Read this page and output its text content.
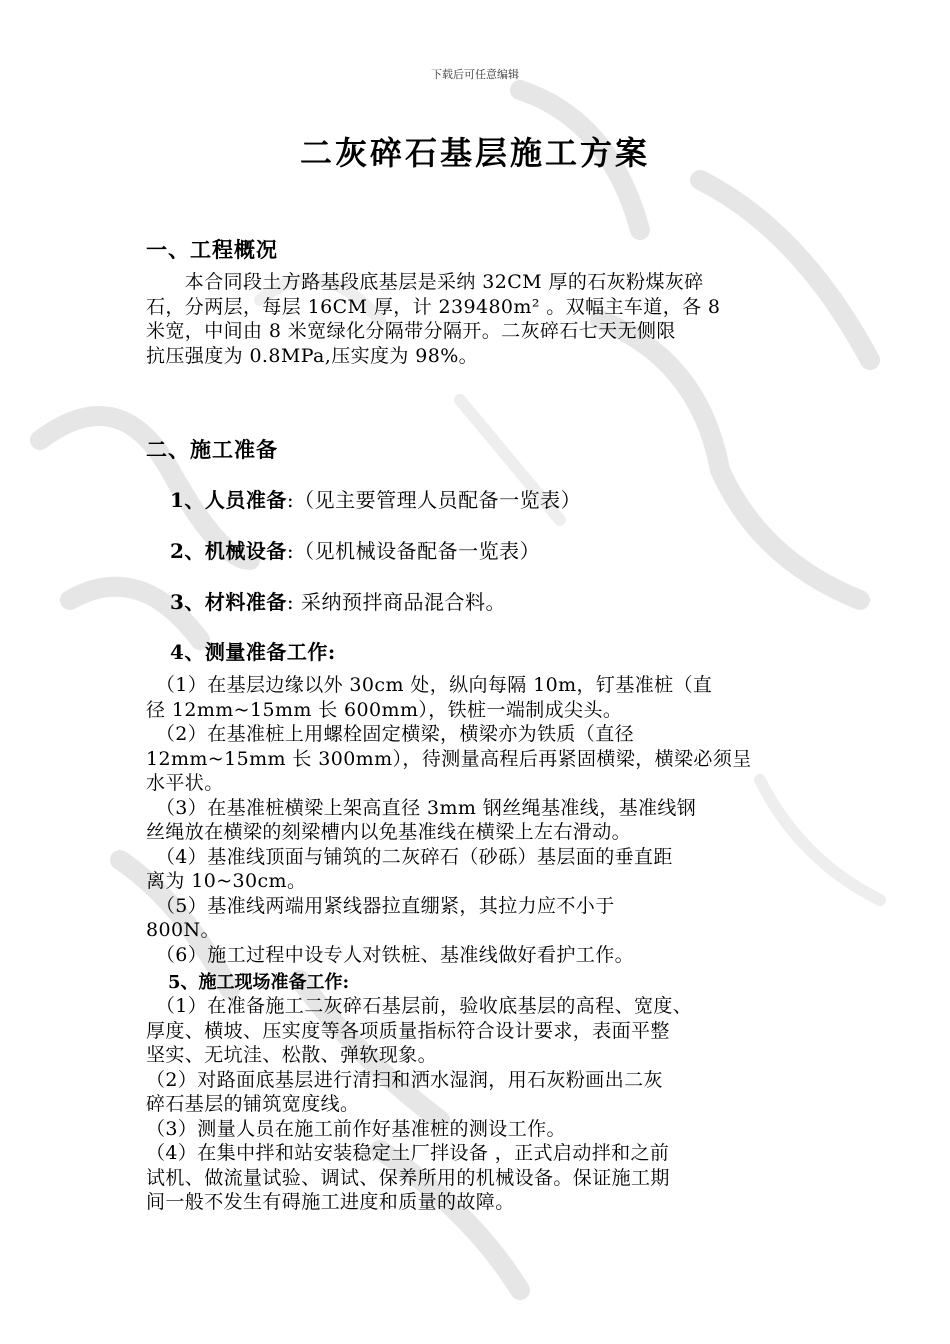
下载后可任意编辑
二灰碎石基层施工方案
一、工程概况
　　本合同段土方路基段底基层是采纳 32CM 厚的石灰粉煤灰碎
石，分两层，每层 16CM 厚，计 239480m² 。双幅主车道，各 8
米宽，中间由 8 米宽绿化分隔带分隔开。二灰碎石七天无侧限
抗压强度为 0.8MPa,压实度为 98%。
二、施工准备

1、人员准备:（见主要管理人员配备一览表）

2、机械设备:（见机械设备配备一览表）

3、材料准备: 采纳预拌商品混合料。

4、测量准备工作:

　（1）在基层边缘以外 30cm 处，纵向每隔 10m，钉基准桩（直
径 12mm~15mm 长 600mm），铁桩一端制成尖头。
　（2）在基准桩上用螺栓固定横梁，横梁亦为铁质（直径
12mm~15mm 长 300mm），待测量高程后再紧固横梁，横梁必须呈
水平状。
　（3）在基准桩横梁上架高直径 3mm 钢丝绳基准线，基准线钢
丝绳放在横梁的刻梁槽内以免基准线在横梁上左右滑动。
　（4）基准线顶面与铺筑的二灰碎石（砂砾）基层面的垂直距
离为 10~30cm。
　（5）基准线两端用紧线器拉直绷紧，其拉力应不小于
800N。
　（6）施工过程中设专人对铁桩、基准线做好看护工作。

5、施工现场准备工作:

　（1）在准备施工二灰碎石基层前，验收底基层的高程、宽度、
厚度、横坡、压实度等各项质量指标符合设计要求，表面平整
坚实、无坑洼、松散、弹软现象。
（2）对路面底基层进行清扫和洒水湿润，用石灰粉画出二灰
碎石基层的铺筑宽度线。
（3）测量人员在施工前作好基准桩的测设工作。
（4）在集中拌和站安装稳定土厂拌设备 ，正式启动拌和之前
试机、做流量试验、调试、保养所用的机械设备。保证施工期
间一般不发生有碍施工进度和质量的故障。
